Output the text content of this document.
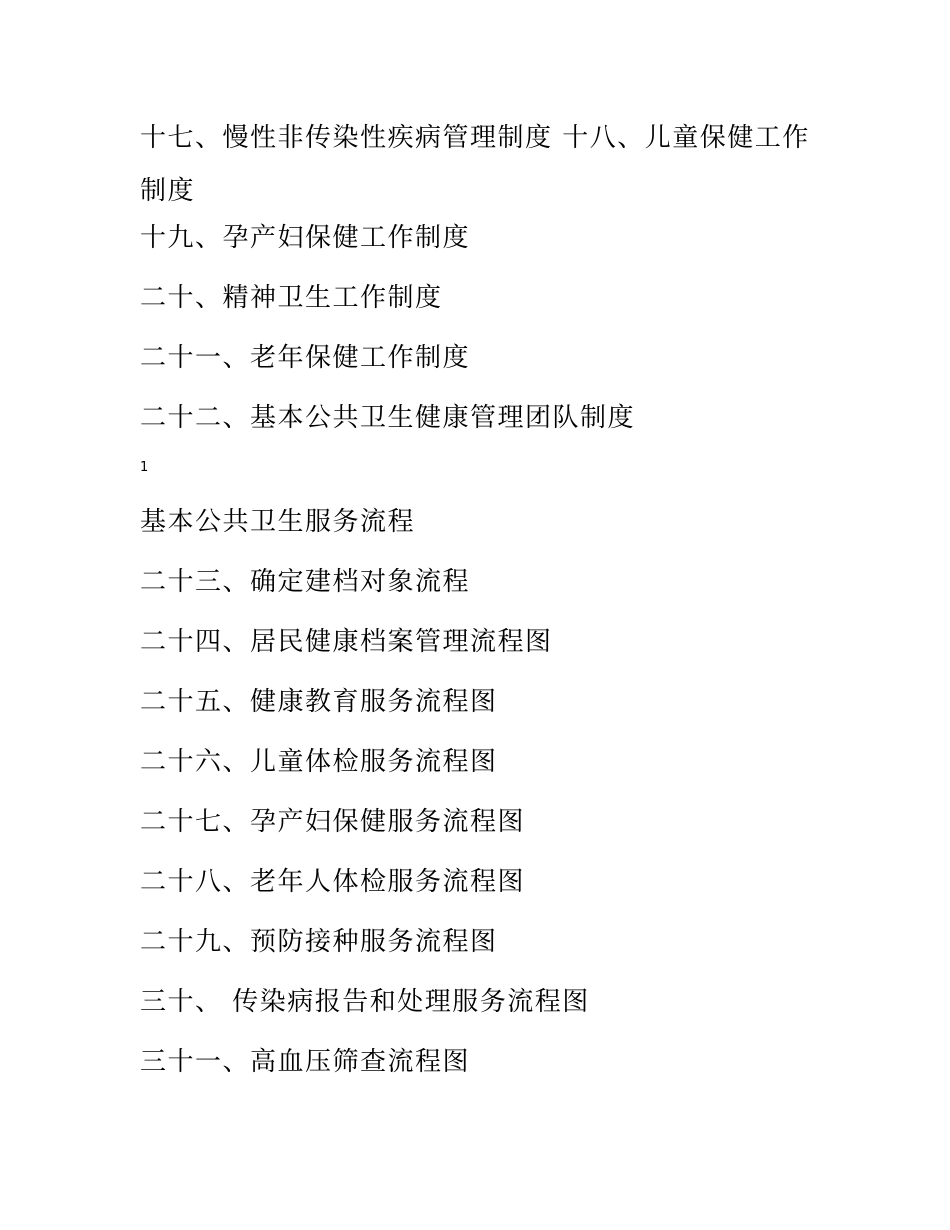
十七、慢性非传染性疾病管理制度 十八、儿童保健工作制度
十九、孕产妇保健工作制度
二十、精神卫生工作制度
二十一、老年保健工作制度
二十二、基本公共卫生健康管理团队制度
1
基本公共卫生服务流程
二十三、确定建档对象流程
二十四、居民健康档案管理流程图
二十五、健康教育服务流程图
二十六、儿童体检服务流程图
二十七、孕产妇保健服务流程图
二十八、老年人体检服务流程图
二十九、预防接种服务流程图
三十、 传染病报告和处理服务流程图
三十一、高血压筛查流程图
